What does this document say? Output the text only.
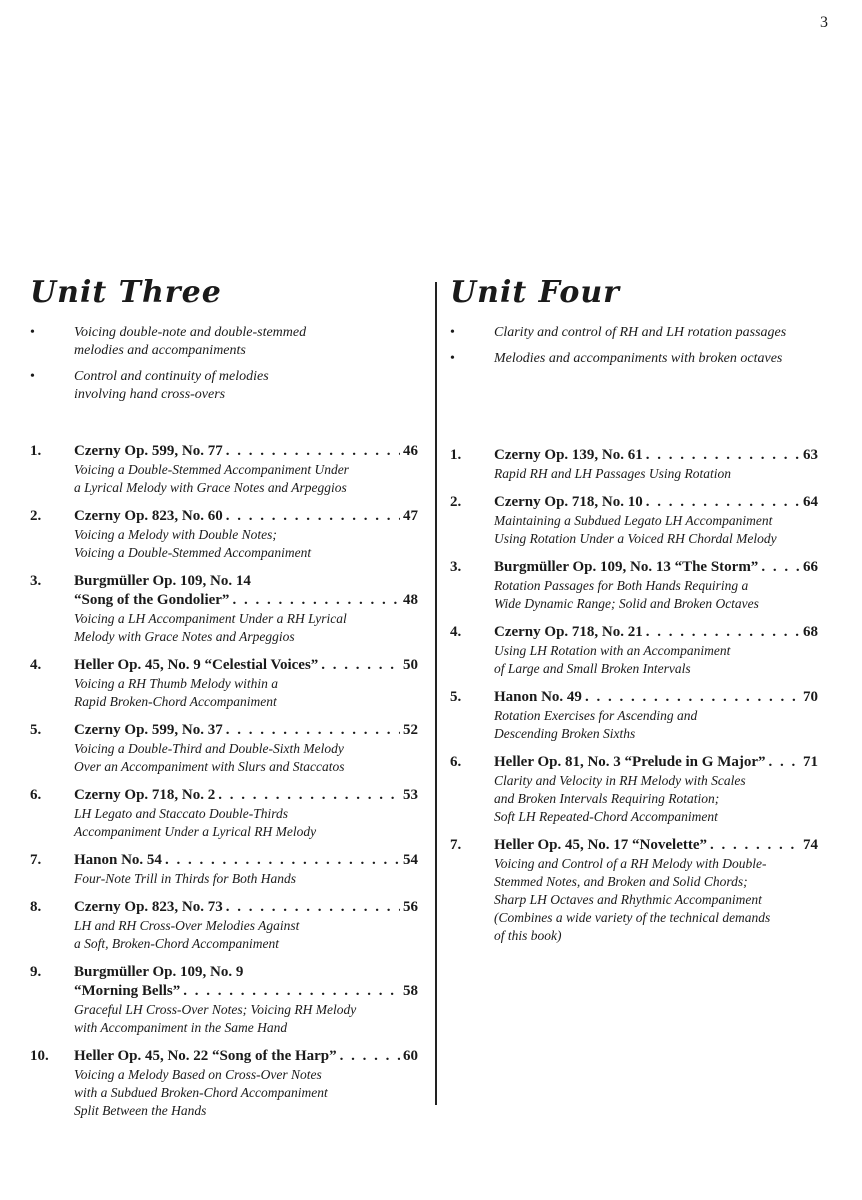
3
Unit Three
• Voicing double-note and double-stemmed
melodies and accompaniments
• Control and continuity of melodies
involving hand cross-overs
1. Czerny Op. 599, No. 77 . . .	46
Voicing a Double-Stemmed Accompaniment Under
a Lyrical Melody with Grace Notes and Arpeggios
2. Czerny Op. 823, No. 60 . . .	47
Voicing a Melody with Double Notes;
Voicing a Double-Stemmed Accompaniment
3. Burgmüller Op. 109, No. 14
“Song of the Gondolier” . . .	48
Voicing a LH Accompaniment Under a RH Lyrical
Melody with Grace Notes and Arpeggios
4. Heller Op. 45, No. 9 “Celestial Voices” . . .	50
Voicing a RH Thumb Melody within a
Rapid Broken-Chord Accompaniment
5. Czerny Op. 599, No. 37 . . .	52
Voicing a Double-Third and Double-Sixth Melody
Over an Accompaniment with Slurs and Staccatos
6. Czerny Op. 718, No. 2 . . .	53
LH Legato and Staccato Double-Thirds
Accompaniment Under a Lyrical RH Melody
7. Hanon No. 54 . . .	54
Four-Note Trill in Thirds for Both Hands
8. Czerny Op. 823, No. 73 . . .	56
LH and RH Cross-Over Melodies Against
a Soft, Broken-Chord Accompaniment
9. Burgmüller Op. 109, No. 9
“Morning Bells” . . .	58
Graceful LH Cross-Over Notes; Voicing RH Melody
with Accompaniment in the Same Hand
10. Heller Op. 45, No. 22 “Song of the Harp” . . .	60
Voicing a Melody Based on Cross-Over Notes
with a Subdued Broken-Chord Accompaniment
Split Between the Hands
Unit Four
• Clarity and control of RH and LH rotation passages
• Melodies and accompaniments with broken octaves
1. Czerny Op. 139, No. 61 . . .	63
Rapid RH and LH Passages Using Rotation
2. Czerny Op. 718, No. 10 . . .	64
Maintaining a Subdued Legato LH Accompaniment
Using Rotation Under a Voiced RH Chordal Melody
3. Burgmüller Op. 109, No. 13 “The Storm” . . .	66
Rotation Passages for Both Hands Requiring a
Wide Dynamic Range; Solid and Broken Octaves
4. Czerny Op. 718, No. 21 . . .	68
Using LH Rotation with an Accompaniment
of Large and Small Broken Intervals
5. Hanon No. 49 . . .	70
Rotation Exercises for Ascending and
Descending Broken Sixths
6. Heller Op. 81, No. 3 “Prelude in G Major” . . . 71
Clarity and Velocity in RH Melody with Scales
and Broken Intervals Requiring Rotation;
Soft LH Repeated-Chord Accompaniment
7. Heller Op. 45, No. 17 “Novelette” . . .	74
Voicing and Control of a RH Melody with Double-
Stemmed Notes, and Broken and Solid Chords;
Sharp LH Octaves and Rhythmic Accompaniment
(Combines a wide variety of the technical demands
of this book)
